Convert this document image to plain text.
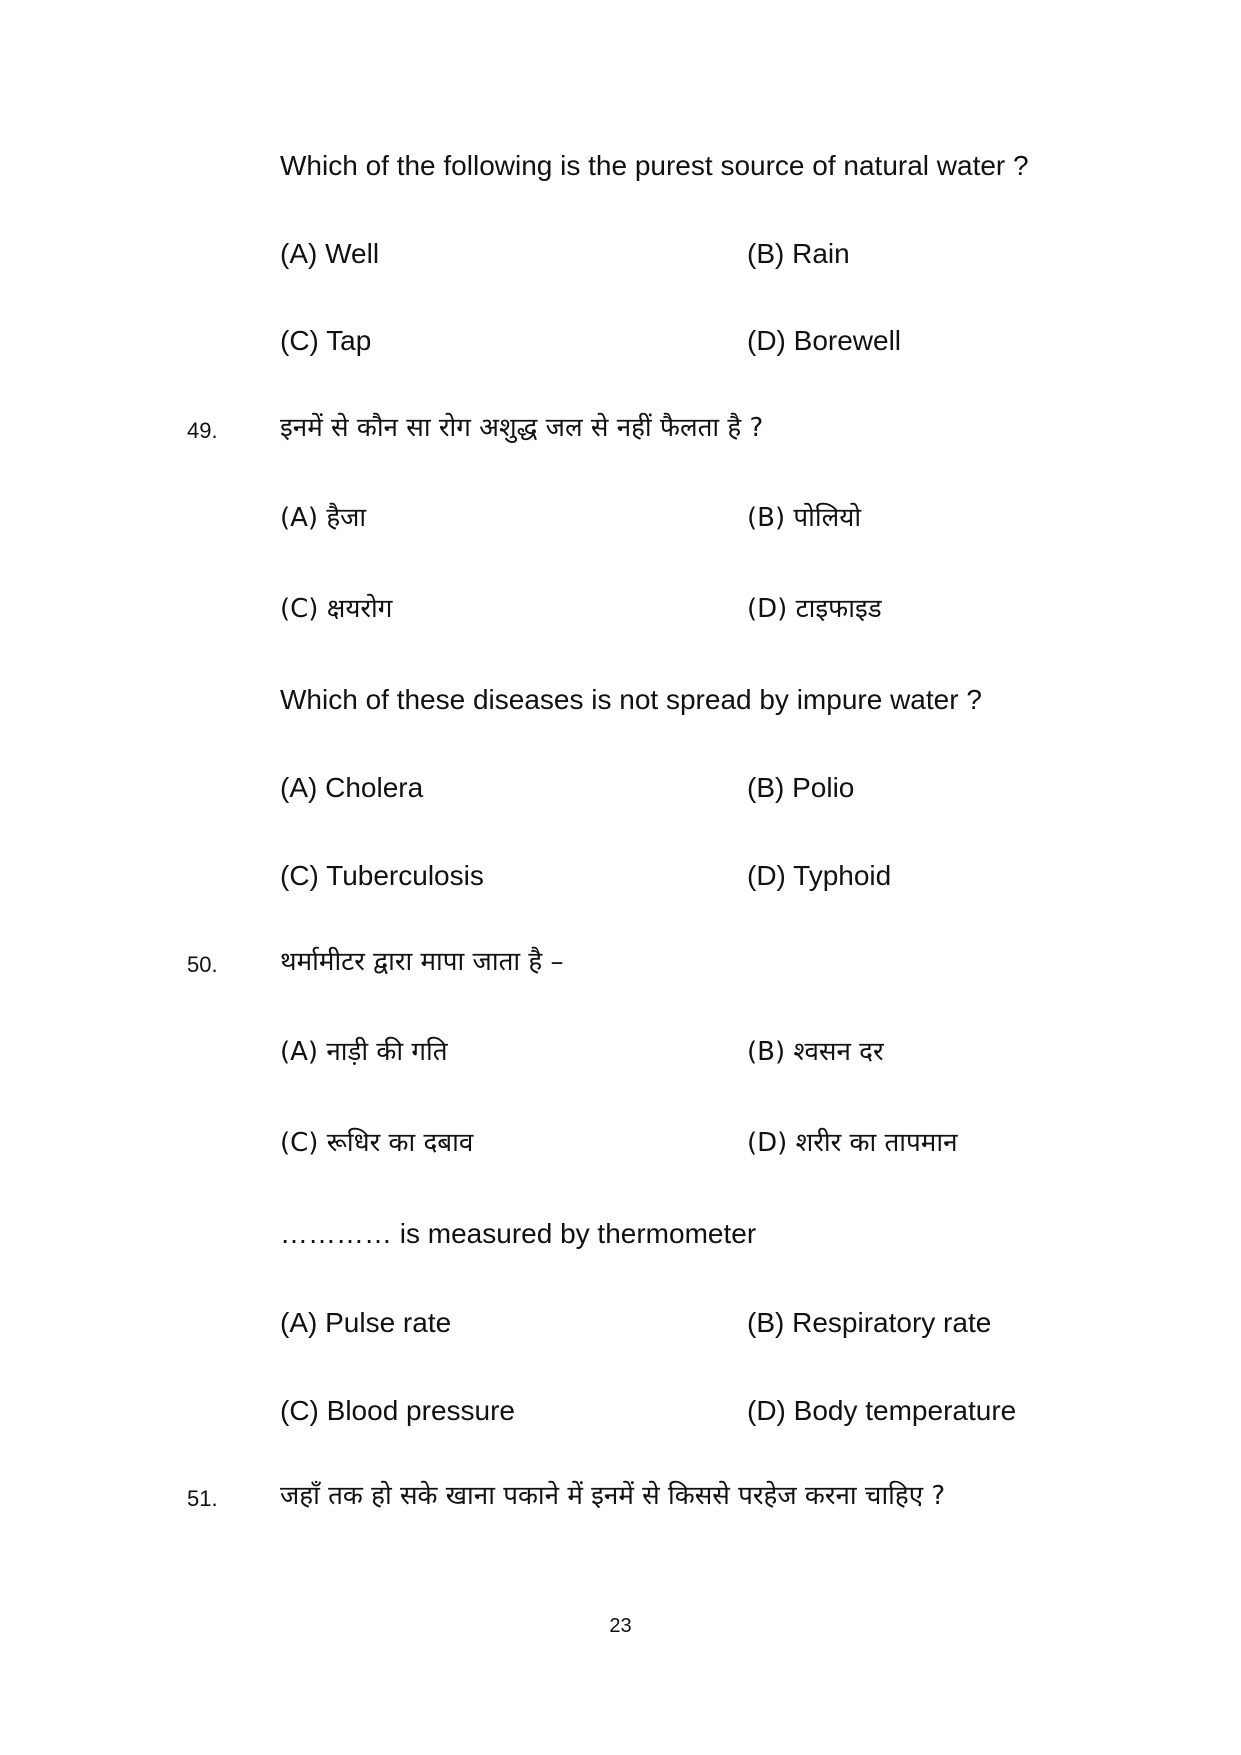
Which of the following is the purest source of natural water ?
(A) Well	(B) Rain
(C) Tap	(D) Borewell
49. इनमें से कौन सा रोग अशुद्ध जल से नहीं फैलता है ?
(A) हैजा	(B) पोलियो
(C) क्षयरोग	(D) टाइफाइड
Which of these diseases is not spread by impure water ?
(A) Cholera	(B) Polio
(C) Tuberculosis	(D) Typhoid
50. थर्मामीटर द्वारा मापा जाता है –
(A) नाड़ी की गति	(B) श्वसन दर
(C) रूधिर का दबाव	(D) शरीर का तापमान
………… is measured by thermometer
(A) Pulse rate	(B) Respiratory rate
(C) Blood pressure	(D) Body temperature
51. जहाँ तक हो सके खाना पकाने में इनमें से किससे परहेज करना चाहिए ?
23
